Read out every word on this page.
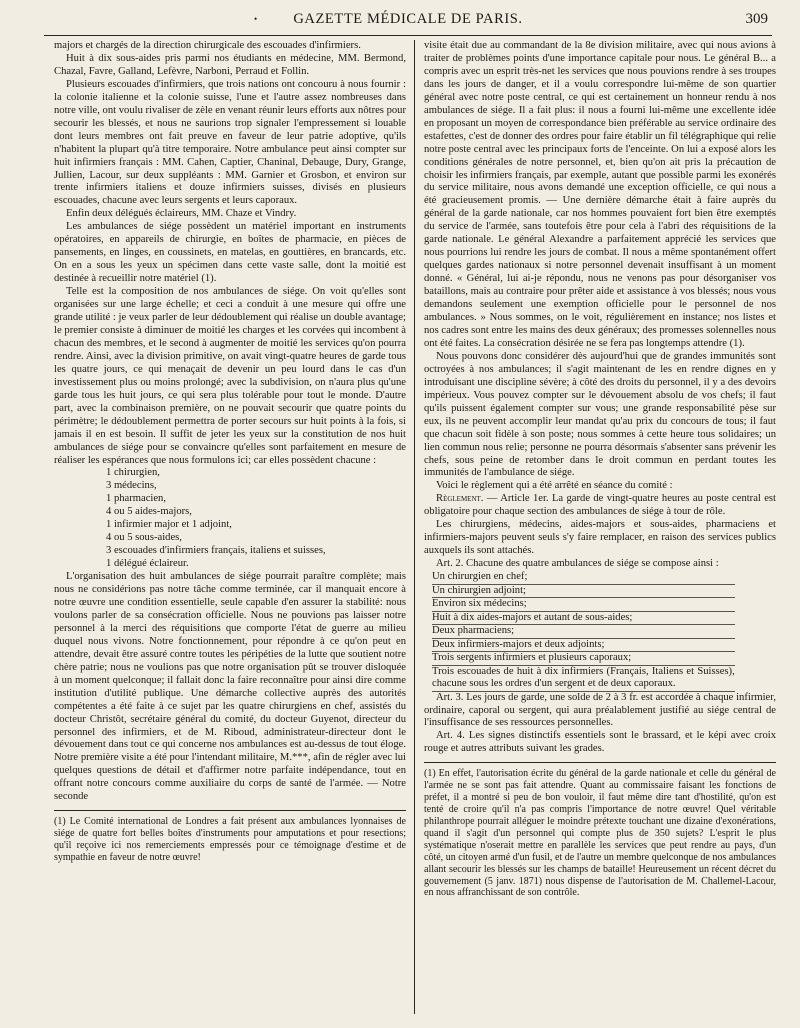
•	GAZETTE MÉDICALE DE PARIS.	309

majors et chargés de la direction chirurgicale des escouades d'infirmiers.

Huit à dix sous-aides pris parmi nos étudiants en médecine, MM. Bermond, Chazal, Favre, Galland, Lefèvre, Narboni, Perraud et Follin.

Plusieurs escouades d'infirmiers, que trois nations ont concouru à nous fournir : la colonie italienne et la colonie suisse, l'une et l'autre assez nombreuses dans notre ville, ont voulu rivaliser de zèle en venant réunir leurs efforts aux nôtres pour secourir les blessés, et nous ne saurions trop signaler l'empressement si louable dont leurs membres ont fait preuve en faveur de leur patrie adoptive, qu'ils n'habitent la plupart qu'à titre temporaire. Notre ambulance peut ainsi compter sur huit infirmiers français : MM. Cahen, Captier, Chaninal, Debauge, Dury, Grange, Jullien, Lacour, sur deux suppléants : MM. Garnier et Grosbon, et environ sur trente infirmiers italiens et douze infirmiers suisses, divisés en plusieurs escouades, chacune avec leurs sergents et leurs caporaux.

Enfin deux délégués éclaireurs, MM. Chaze et Vindry.

Les ambulances de siége possèdent un matériel important en instruments opératoires, en appareils de chirurgie, en boîtes de pharmacie, en pièces de pansements, en linges, en coussinets, en matelas, en gouttières, en brancards, etc. On en a sous les yeux un spécimen dans cette vaste salle, dont la moitié est destinée à recueillir notre matériel (1).

Telle est la composition de nos ambulances de siége. On voit qu'elles sont organisées sur une large échelle; et ceci a conduit à une mesure qui offre une grande utilité : je veux parler de leur dédoublement qui réalise un double avantage; le premier consiste à diminuer de moitié les charges et les corvées qui incombent à chacun des membres, et le second à augmenter de moitié les services qu'on pourra rendre. Ainsi, avec la division primitive, on avait vingt-quatre heures de garde tous les quatre jours, ce qui menaçait de devenir un peu lourd dans le cas d'un investissement plus ou moins prolongé; avec la subdivision, on n'aura plus qu'une garde tous les huit jours, ce qui sera plus tolérable pour tout le monde. D'autre part, avec la combinaison première, on ne pouvait secourir que quatre points du périmètre; le dédoublement permettra de porter secours sur huit points à la fois, si jamais il en est besoin. Il suffit de jeter les yeux sur la constitution de nos huit ambulances de siége pour se convaincre qu'elles sont parfaitement en mesure de réaliser les espérances que nous formulons ici; car elles possèdent chacune :

1 chirurgien,
3 médecins,
1 pharmacien,
4 ou 5 aides-majors,
1 infirmier major et 1 adjoint,
4 ou 5 sous-aides,
3 escouades d'infirmiers français, italiens et suisses,
1 délégué éclaireur.

L'organisation des huit ambulances de siége pourrait paraître complète; mais nous ne considérions pas notre tâche comme terminée, car il manquait encore à notre œuvre une condition essentielle, seule capable d'en assurer la stabilité: nous voulons parler de sa consécration officielle. Nous ne pouvions pas laisser notre personnel à la merci des réquisitions que comporte l'état de guerre au milieu duquel nous vivons. Notre fonctionnement, pour répondre à ce qu'on peut en attendre, devait être assuré contre toutes les péripéties de la lutte que soutient notre chère patrie; nous ne voulions pas que notre organisation pût se trouver disloquée à un moment quelconque; il fallait donc la faire reconnaître pour ainsi dire comme institution d'utilité publique. Une démarche collective auprès des autorités compétentes a été faite à ce sujet par les quatre chirurgiens en chef, assistés du docteur Christôt, secrétaire général du comité, du docteur Guyenot, directeur du personnel des infirmiers, et de M. Riboud, administrateur-directeur dont le dévouement dans tout ce qui concerne nos ambulances est au-dessus de tout éloge. Notre première visite a été pour l'intendant militaire, M.***, afin de régler avec lui quelques questions de détail et d'affirmer notre parfaite indépendance, tout en offrant notre concours comme auxiliaire du corps de santé de l'armée. — Notre seconde

(1) Le Comité international de Londres a fait présent aux ambulances lyonnaises de siége de quatre fort belles boîtes d'instruments pour amputations et pour resections; qu'il reçoive ici nos remerciements empressés pour ce témoignage d'estime et de sympathie en faveur de notre œuvre!

visite était due au commandant de la 8e division militaire, avec qui nous avions à traiter de problèmes points d'une importance capitale pour nous. Le général B... a compris avec un esprit très-net les services que nous pouvions rendre à ses troupes dans les jours de danger, et il a voulu correspondre lui-même de son quartier général avec notre poste central, ce qui est certainement un honneur rendu à nos ambulances de siége. Il a fait plus: il nous a fourni lui-même une excellente idée en proposant un moyen de correspondance bien préférable au service ordinaire des estafettes, c'est de donner des ordres pour faire établir un fil télégraphique qui relie notre poste central avec les principaux forts de l'enceinte. On lui a exposé alors les conditions générales de notre personnel, et, bien qu'on ait pris la précaution de choisir les infirmiers français, par exemple, autant que possible parmi les exonérés du service militaire, nous avons demandé une exception officielle, ce qui nous a été gracieusement promis. — Une dernière démarche était à faire auprès du général de la garde nationale, car nos hommes pouvaient fort bien être exemptés du service de l'armée, sans toutefois être pour cela à l'abri des réquisitions de la garde nationale. Le général Alexandre a parfaitement apprécié les services que nous pourrions lui rendre les jours de combat. Il nous a même spontanément offert quelques gardes nationaux si notre personnel devenait insuffisant à un moment donné. « Général, lui ai-je répondu, nous ne venons pas pour désorganiser vos bataillons, mais au contraire pour prêter aide et assistance à vos blessés; nous vous demandons seulement une exemption officielle pour le personnel de nos ambulances. » Nous sommes, on le voit, régulièrement en instance; nos listes et nos cadres sont entre les mains des deux généraux; des promesses solennelles nous ont été faites. La consécration désirée ne se fera pas longtemps attendre (1).

Nous pouvons donc considérer dès aujourd'hui que de grandes immunités sont octroyées à nos ambulances; il s'agit maintenant de les en rendre dignes en y introduisant une discipline sévère; à côté des droits du personnel, il y a des devoirs impérieux. Vous pouvez compter sur le dévouement absolu de vos chefs; il faut qu'ils puissent également compter sur vous; une grande responsabilité pèse sur eux, ils ne peuvent accomplir leur mandat qu'au prix du concours de tous; il faut que chacun soit fidèle à son poste; nous sommes à cette heure tous solidaires; un lien commun nous relie; personne ne pourra désormais s'absenter sans prévenir les chefs, sous peine de retomber dans le droit commun en perdant toutes les immunités de l'ambulance de siége.

Voici le règlement qui a été arrêté en séance du comité :

Règlement. — Article 1er. La garde de vingt-quatre heures au poste central est obligatoire pour chaque section des ambulances de siége à tour de rôle.

Les chirurgiens, médecins, aides-majors et sous-aides, pharmaciens et infirmiers-majors peuvent seuls s'y faire remplacer, en raison des services publics auxquels ils sont attachés.

Art. 2. Chacune des quatre ambulances de siége se compose ainsi :

Un chirurgien en chef;
Un chirurgien adjoint;
Environ six médecins;
Huit à dix aides-majors et autant de sous-aides;
Deux pharmaciens;
Deux infirmiers-majors et deux adjoints;
Trois sergents infirmiers et plusieurs caporaux;
Trois escouades de huit à dix infirmiers (Français, Italiens et Suisses), chacune sous les ordres d'un sergent et de deux caporaux.

Art. 3. Les jours de garde, une solde de 2 à 3 fr. est accordée à chaque infirmier, ordinaire, caporal ou sergent, qui aura préalablement justifié au siége central de l'insuffisance de ses ressources personnelles.

Art. 4. Les signes distinctifs essentiels sont le brassard, et le képi avec croix rouge et autres attributs suivant les grades.

(1) En effet, l'autorisation écrite du général de la garde nationale et celle du général de l'armée ne se sont pas fait attendre. Quant au commissaire faisant les fonctions de préfet, il a montré si peu de bon vouloir, il faut même dire tant d'hostilité, qu'on est tenté de croire qu'il n'a pas compris l'importance de notre œuvre! Quel véritable philanthrope pourrait alléguer le moindre prétexte touchant une dizaine d'exonérations, quand il s'agit d'un personnel qui compte plus de 350 sujets? L'esprit le plus systématique n'oserait mettre en parallèle les services que peut rendre au pays, d'un côté, un citoyen armé d'un fusil, et de l'autre un membre quelconque de nos ambulances allant secourir les blessés sur les champs de bataille! Heureusement un récent décret du gouvernement (5 janv. 1871) nous dispense de l'autorisation de M. Challemel-Lacour, en nous affranchissant de son contrôle.
